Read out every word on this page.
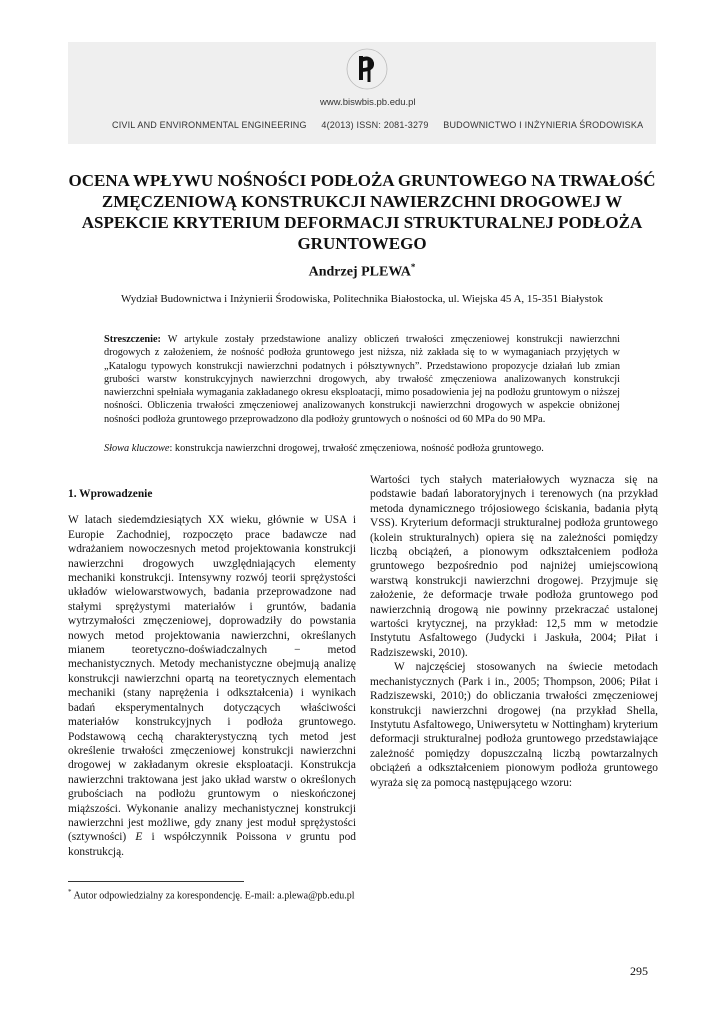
www.biswbis.pb.edu.pl
CIVIL AND ENVIRONMENTAL ENGINEERING 4(2013) ISSN: 2081-3279 BUDOWNICTWO I INŻYNIERIA ŚRODOWISKA
OCENA WPŁYWU NOŚNOŚCI PODŁOŻA GRUNTOWEGO NA TRWAŁOŚĆ ZMĘCZENIOWĄ KONSTRUKCJI NAWIERZCHNI DROGOWEJ W ASPEKCIE KRYTERIUM DEFORMACJI STRUKTURALNEJ PODŁOŻA GRUNTOWEGO
Andrzej PLEWA*
Wydział Budownictwa i Inżynierii Środowiska, Politechnika Białostocka, ul. Wiejska 45 A, 15-351 Białystok
Streszczenie: W artykule zostały przedstawione analizy obliczeń trwałości zmęczeniowej konstrukcji nawierzchni drogowych z założeniem, że nośność podłoża gruntowego jest niższa, niż zakłada się to w wymaganiach przyjętych w „Katalogu typowych konstrukcji nawierzchni podatnych i półsztywnych”. Przedstawiono propozycje działań lub zmian grubości warstw konstrukcyjnych nawierzchni drogowych, aby trwałość zmęczeniowa analizowanych konstrukcji nawierzchni spełniała wymagania zakładanego okresu eksploatacji, mimo posadowienia jej na podłożu gruntowym o niższej nośności. Obliczenia trwałości zmęczeniowej analizowanych konstrukcji nawierzchni drogowych w aspekcie obniżonej nośności podłoża gruntowego przeprowadzono dla podłoży gruntowych o nośności od 60 MPa do 90 MPa.
Słowa kluczowe: konstrukcja nawierzchni drogowej, trwałość zmęczeniowa, nośność podłoża gruntowego.
1. Wprowadzenie

W latach siedemdziesiątych XX wieku, głównie w USA i Europie Zachodniej, rozpoczęto prace badawcze nad wdrażaniem nowoczesnych metod projektowania konstrukcji nawierzchni drogowych uwzględniających elementy mechaniki konstrukcji. Intensywny rozwój teorii sprężystości układów wielowarstwowych, badania przeprowadzone nad stałymi sprężystymi materiałów i gruntów, badania wytrzymałości zmęczeniowej, doprowadziły do powstania nowych metod projektowania nawierzchni, określanych mianem teoretyczno-doświadczalnych − metod mechanistycznych. Metody mechanistyczne obejmują analizę konstrukcji nawierzchni opartą na teoretycznych elementach mechaniki (stany naprężenia i odkształcenia) i wynikach badań eksperymentalnych dotyczących właściwości materiałów konstrukcyjnych i podłoża gruntowego. Podstawową cechą charakterystyczną tych metod jest określenie trwałości zmęczeniowej konstrukcji nawierzchni drogowej w zakładanym okresie eksploatacji. Konstrukcja nawierzchni traktowana jest jako układ warstw o określonych grubościach na podłożu gruntowym o nieskończonej miąższości. Wykonanie analizy mechanistycznej konstrukcji nawierzchni jest możliwe, gdy znany jest moduł sprężystości (sztywności) E i współczynnik Poissona v gruntu pod konstrukcją.

Wartości tych stałych materiałowych wyznacza się na podstawie badań laboratoryjnych i terenowych (na przykład metoda dynamicznego trójosiowego ściskania, badania płytą VSS). Kryterium deformacji strukturalnej podłoża gruntowego (kolein strukturalnych) opiera się na zależności pomiędzy liczbą obciążeń, a pionowym odkształceniem podłoża gruntowego bezpośrednio pod najniżej umiejscowioną warstwą konstrukcji nawierzchni drogowej. Przyjmuje się założenie, że deformacje trwałe podłoża gruntowego pod nawierzchnią drogową nie powinny przekraczać ustalonej wartości krytycznej, na przykład: 12,5 mm w metodzie Instytutu Asfaltowego (Judycki i Jaskuła, 2004; Piłat i Radziszewski, 2010).

W najczęściej stosowanych na świecie metodach mechanistycznych (Park i in., 2005; Thompson, 2006; Piłat i Radziszewski, 2010;) do obliczania trwałości zmęczeniowej konstrukcji nawierzchni drogowej (na przykład Shella, Instytutu Asfaltowego, Uniwersytetu w Nottingham) kryterium deformacji strukturalnej podłoża gruntowego przedstawiające zależność pomiędzy dopuszczalną liczbą powtarzalnych obciążeń a odkształceniem pionowym podłoża gruntowego wyraża się za pomocą następującego wzoru:

* Autor odpowiedzialny za korespondencję. E-mail: a.plewa@pb.edu.pl
295
